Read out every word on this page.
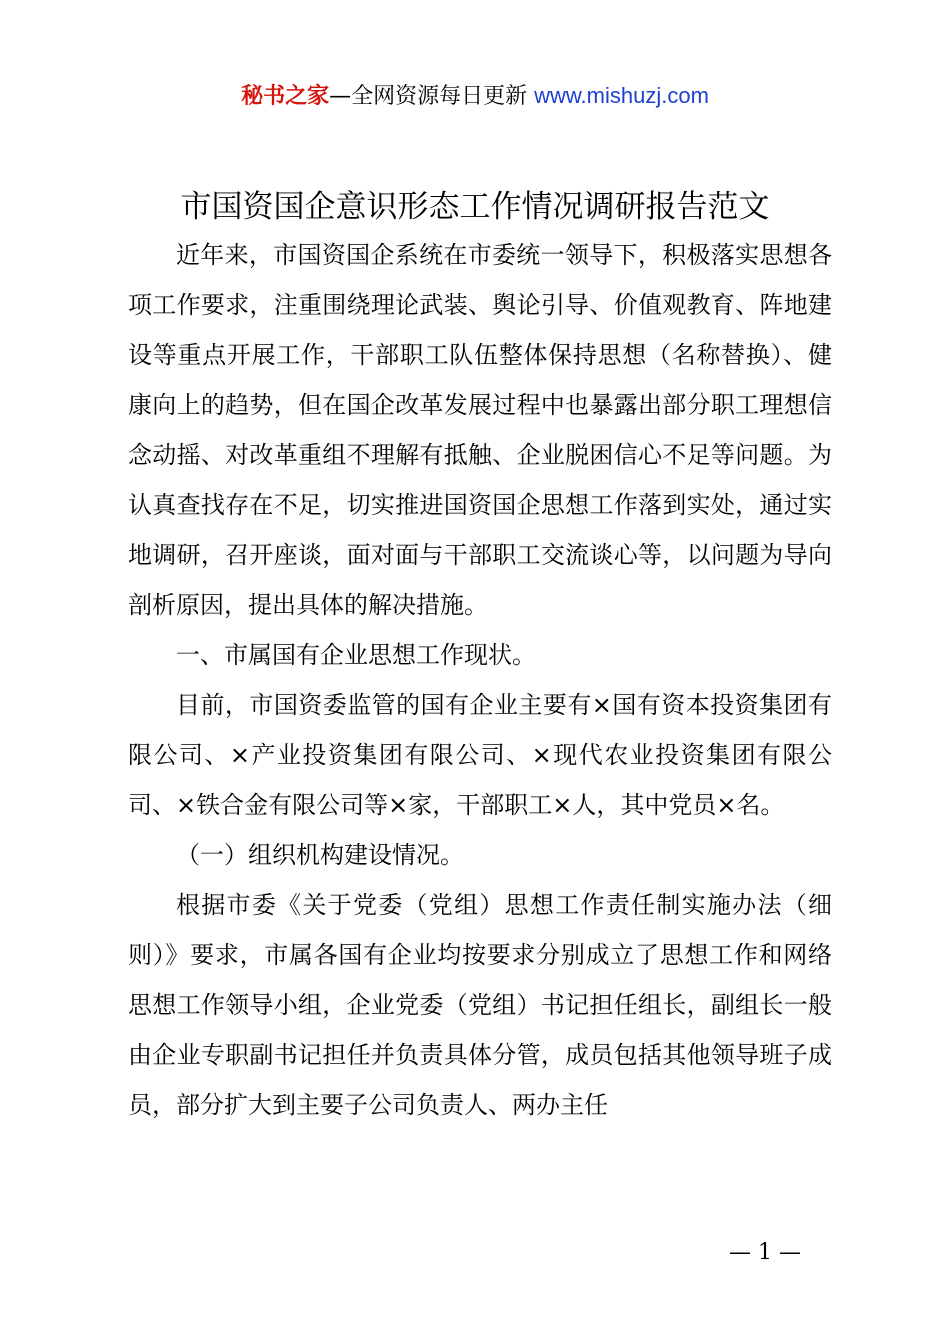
秘书之家—全网资源每日更新 www.mishuzj.com
市国资国企意识形态工作情况调研报告范文

近年来，市国资国企系统在市委统一领导下，积极落实思想各项工作要求，注重围绕理论武装、舆论引导、价值观教育、阵地建设等重点开展工作，干部职工队伍整体保持思想（名称替换）、健康向上的趋势，但在国企改革发展过程中也暴露出部分职工理想信念动摇、对改革重组不理解有抵触、企业脱困信心不足等问题。为认真查找存在不足，切实推进国资国企思想工作落到实处，通过实地调研，召开座谈，面对面与干部职工交流谈心等，以问题为导向剖析原因，提出具体的解决措施。

一、市属国有企业思想工作现状。

目前，市国资委监管的国有企业主要有×国有资本投资集团有限公司、×产业投资集团有限公司、×现代农业投资集团有限公司、×铁合金有限公司等×家，干部职工×人，其中党员×名。

（一）组织机构建设情况。

根据市委《关于党委（党组）思想工作责任制实施办法（细则）》要求，市属各国有企业均按要求分别成立了思想工作和网络思想工作领导小组，企业党委（党组）书记担任组长，副组长一般由企业专职副书记担任并负责具体分管，成员包括其他领导班子成员，部分扩大到主要子公司负责人、两办主任

— 1 —
